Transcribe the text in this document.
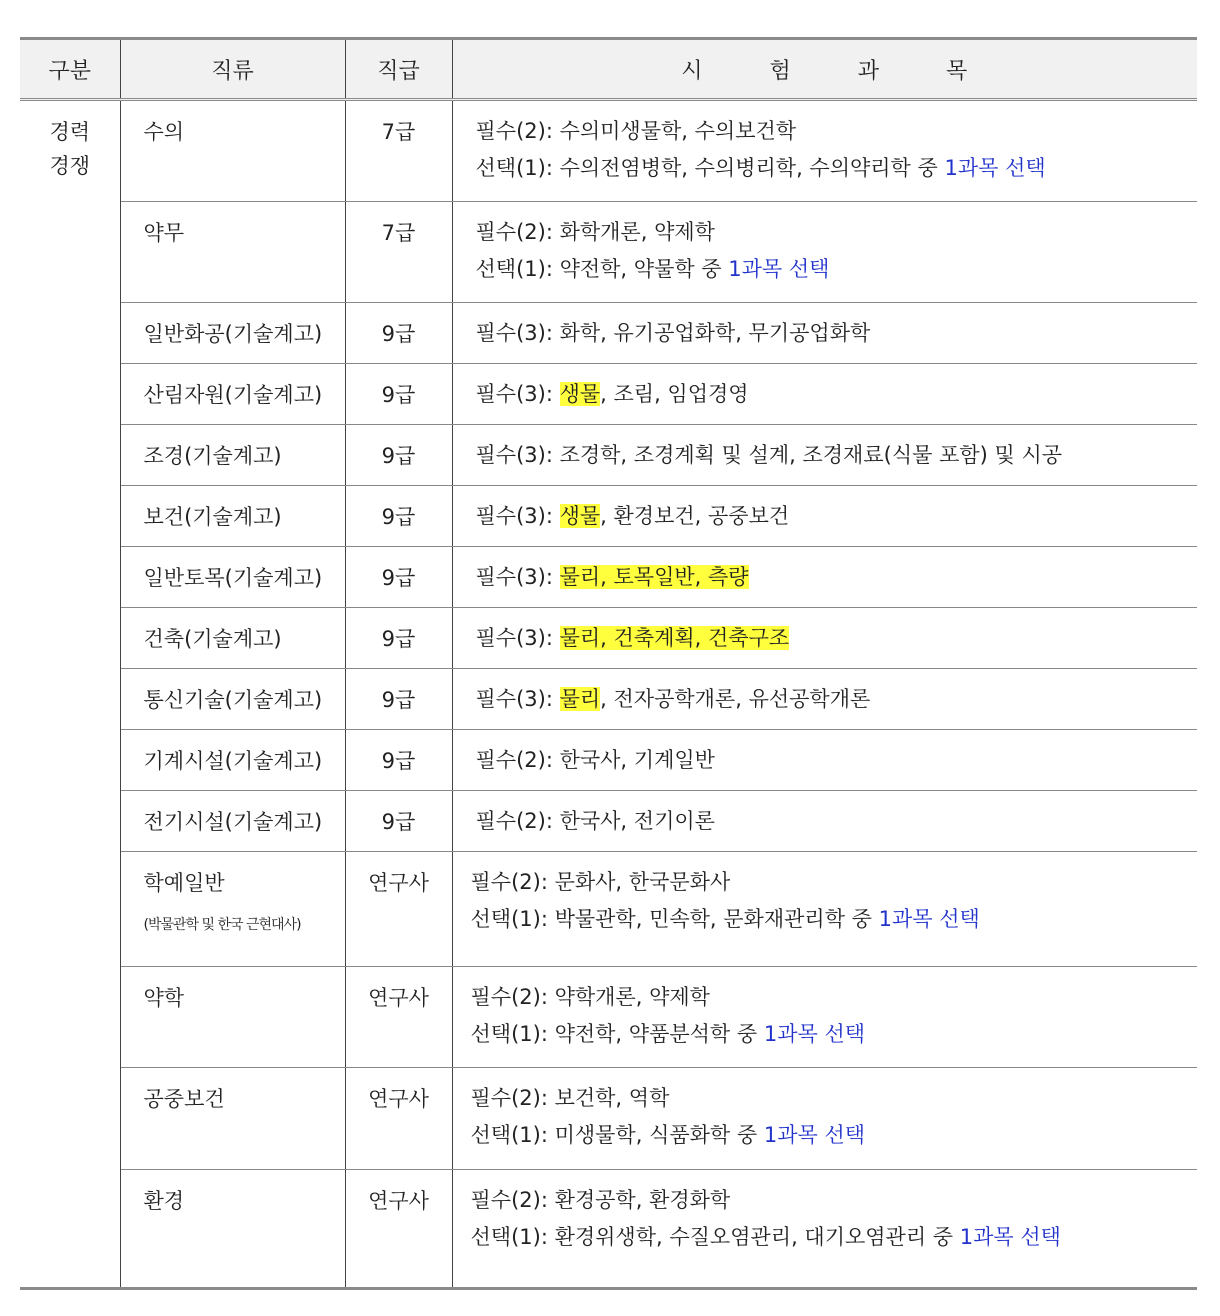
구분	직류	직급	시 험 과 목

경력
경쟁	수의	7급	필수(2): 수의미생물학, 수의보건학
선택(1): 수의전염병학, 수의병리학, 수의약리학 중 1과목 선택

	약무	7급	필수(2): 화학개론, 약제학
선택(1): 약전학, 약물학 중 1과목 선택

	일반화공(기술계고)	9급	필수(3): 화학, 유기공업화학, 무기공업화학

	산림자원(기술계고)	9급	필수(3): 생물, 조림, 임업경영

	조경(기술계고)	9급	필수(3): 조경학, 조경계획 및 설계, 조경재료(식물 포함) 및 시공

	보건(기술계고)	9급	필수(3): 생물, 환경보건, 공중보건

	일반토목(기술계고)	9급	필수(3): 물리, 토목일반, 측량

	건축(기술계고)	9급	필수(3): 물리, 건축계획, 건축구조

	통신기술(기술계고)	9급	필수(3): 물리, 전자공학개론, 유선공학개론

	기계시설(기술계고)	9급	필수(2): 한국사, 기계일반

	전기시설(기술계고)	9급	필수(2): 한국사, 전기이론

	학예일반
(박물관학 및 한국 근현대사)	연구사	필수(2): 문화사, 한국문화사
선택(1): 박물관학, 민속학, 문화재관리학 중 1과목 선택

	약학	연구사	필수(2): 약학개론, 약제학
선택(1): 약전학, 약품분석학 중 1과목 선택

	공중보건	연구사	필수(2): 보건학, 역학
선택(1): 미생물학, 식품화학 중 1과목 선택

	환경	연구사	필수(2): 환경공학, 환경화학
선택(1): 환경위생학, 수질오염관리, 대기오염관리 중 1과목 선택
